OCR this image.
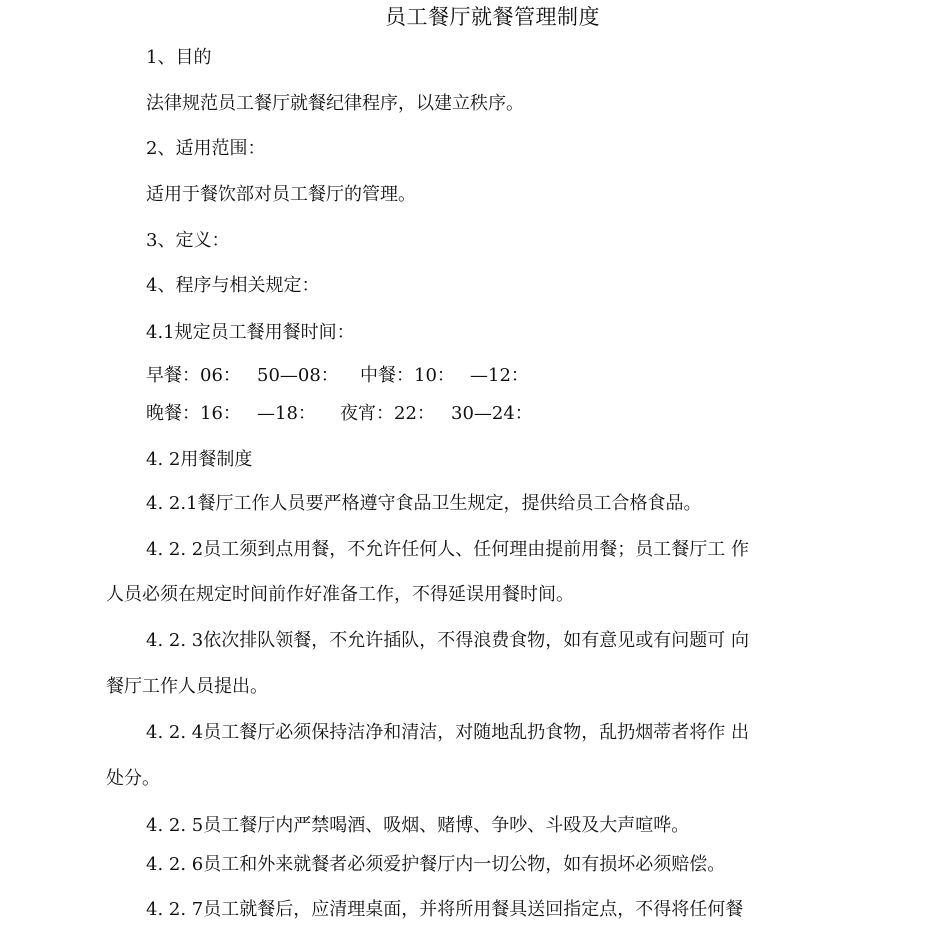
员工餐厅就餐管理制度
1、目的
法律规范员工餐厅就餐纪律程序，以建立秩序。
2、适用范围：
适用于餐饮部对员工餐厅的管理。
3、定义：
4、程序与相关规定：
4.1规定员工餐用餐时间：
早餐：06： 50—08： 中餐：10： —12：
晚餐：16： —18： 夜宵：22： 30—24：
4. 2用餐制度
4. 2.1餐厅工作人员要严格遵守食品卫生规定，提供给员工合格食品。
4. 2. 2员工须到点用餐，不允许任何人、任何理由提前用餐；员工餐厅工 作
人员必须在规定时间前作好准备工作，不得延误用餐时间。
4. 2. 3依次排队领餐，不允许插队，不得浪费食物，如有意见或有问题可 向
餐厅工作人员提出。
4. 2. 4员工餐厅必须保持洁净和清洁，对随地乱扔食物，乱扔烟蒂者将作 出
处分。
4. 2. 5员工餐厅内严禁喝酒、吸烟、赌博、争吵、斗殴及大声喧哗。
4. 2. 6员工和外来就餐者必须爱护餐厅内一切公物，如有损坏必须赔偿。
4. 2. 7员工就餐后，应清理桌面，并将所用餐具送回指定点，不得将任何餐
